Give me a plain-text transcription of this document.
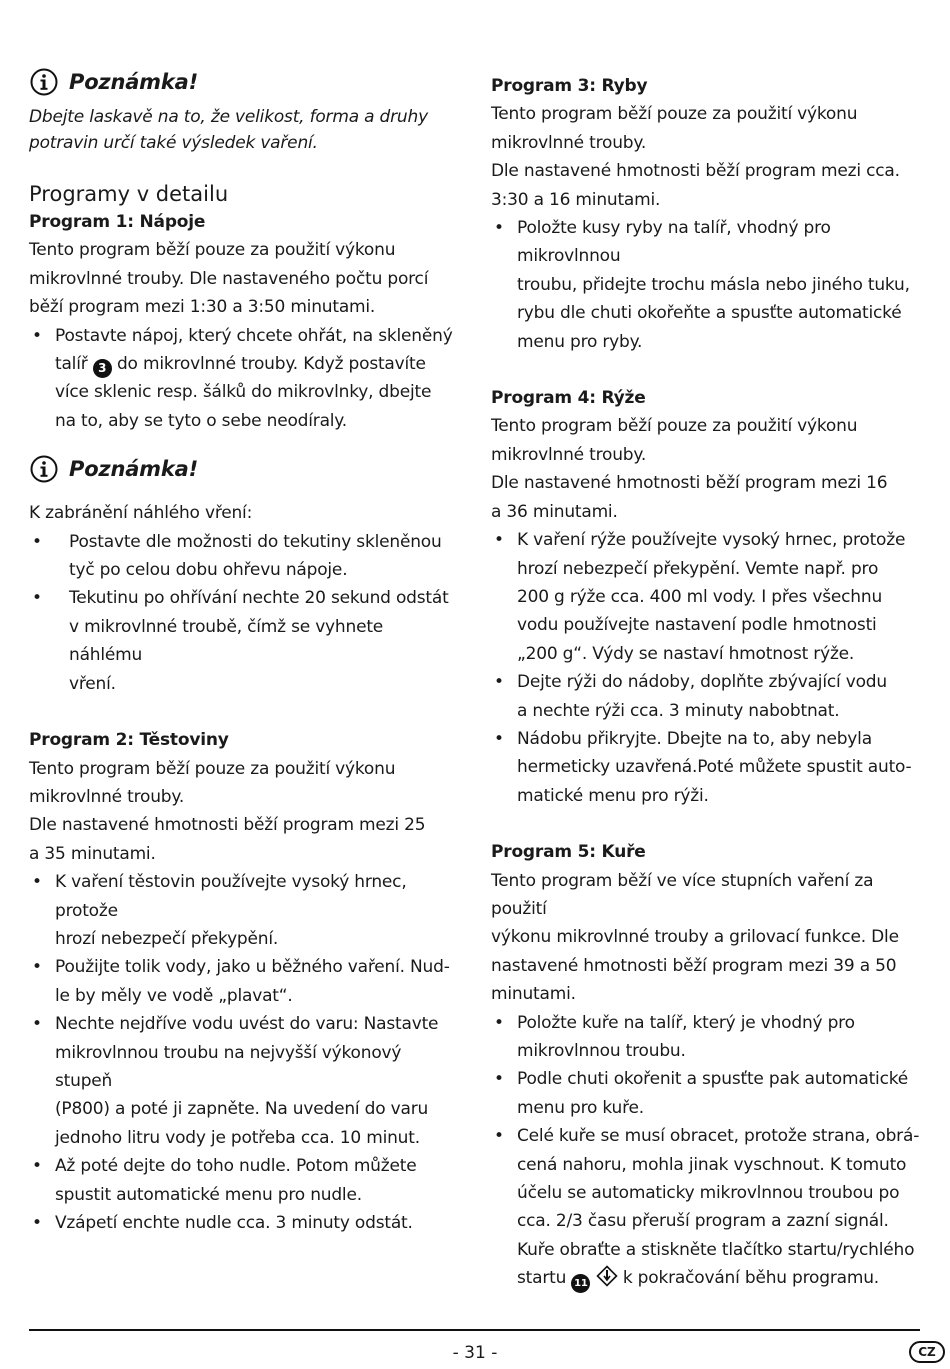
Poznámka!
Dbejte laskavě na to, že velikost, forma a druhy
potravin určí také výsledek vaření.
Programy v detailu

Program 1: Nápoje

Tento program běží pouze za použití výkonu
mikrovlnné trouby. Dle nastaveného počtu porcí
běží program mezi 1:30 a 3:50 minutami.
• Postavte nápoj, který chcete ohřát, na skleněný
talíř 3 do mikrovlnné trouby. Když postavíte
více sklenic resp. šálků do mikrovlnky, dbejte
na to, aby se tyto o sebe neodíraly.
Poznámka!
K zabránění náhlého vření:
• Postavte dle možnosti do tekutiny skleněnou
tyč po celou dobu ohřevu nápoje.
• Tekutinu po ohřívání nechte 20 sekund odstát
v mikrovlnné troubě, čímž se vyhnete náhlému
vření.

Program 2: Těstoviny

Tento program běží pouze za použití výkonu
mikrovlnné trouby.
Dle nastavené hmotnosti běží program mezi 25
a 35 minutami.
• K vaření těstovin používejte vysoký hrnec, protože
hrozí nebezpečí překypění.
• Použijte tolik vody, jako u běžného vaření. Nud-
le by měly ve vodě „plavat“.
• Nechte nejdříve vodu uvést do varu: Nastavte
mikrovlnnou troubu na nejvyšší výkonový stupeň
(P800) a poté ji zapněte. Na uvedení do varu
jednoho litru vody je potřeba cca. 10 minut.
• Až poté dejte do toho nudle. Potom můžete
spustit automatické menu pro nudle.
• Vzápetí enchte nudle cca. 3 minuty odstát.

Program 3: Ryby

Tento program běží pouze za použití výkonu
mikrovlnné trouby.
Dle nastavené hmotnosti běží program mezi cca.
3:30 a 16 minutami.
• Položte kusy ryby na talíř, vhodný pro mikrovlnnou
troubu, přidejte trochu másla nebo jiného tuku,
rybu dle chuti okořeňte a spusťte automatické
menu pro ryby.

Program 4: Rýže

Tento program běží pouze za použití výkonu
mikrovlnné trouby.
Dle nastavené hmotnosti běží program mezi 16
a 36 minutami.
• K vaření rýže používejte vysoký hrnec, protože
hrozí nebezpečí překypění. Vemte např. pro
200 g rýže cca. 400 ml vody. I přes všechnu
vodu používejte nastavení podle hmotnosti
„200 g“. Výdy se nastaví hmotnost rýže.
• Dejte rýži do nádoby, doplňte zbývající vodu
a nechte rýži cca. 3 minuty nabobtnat.
• Nádobu přikryjte. Dbejte na to, aby nebyla
hermeticky uzavřená.Poté můžete spustit auto-
matické menu pro rýži.

Program 5: Kuře

Tento program běží ve více stupních vaření za použití
výkonu mikrovlnné trouby a grilovací funkce. Dle
nastavené hmotnosti běží program mezi 39 a 50
minutami.
• Položte kuře na talíř, který je vhodný pro
mikrovlnnou troubu.
• Podle chuti okořenit a spusťte pak automatické
menu pro kuře.
• Celé kuře se musí obracet, protože strana, obrá-
cená nahoru, mohla jinak vyschnout. K tomuto
účelu se automaticky mikrovlnnou troubou po
cca. 2/3 času přeruší program a zazní signál.
Kuře obraťte a stiskněte tlačítko startu/rychlého
startu 11 k pokračování běhu programu.
- 31 -	CZ
